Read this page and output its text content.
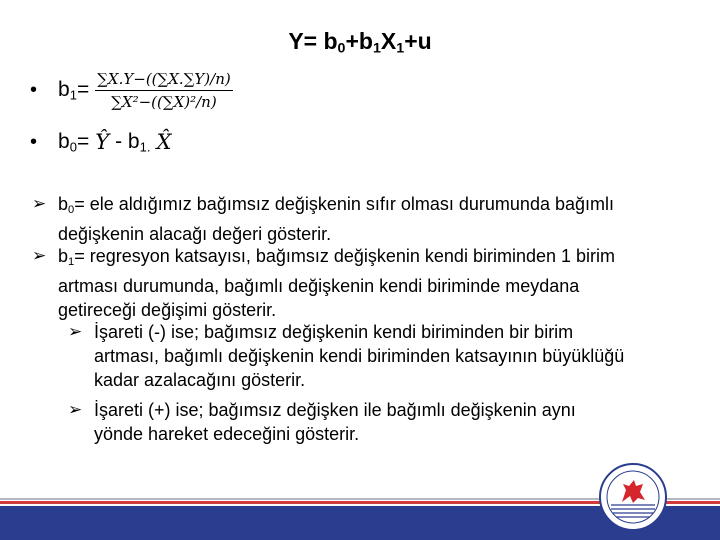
$Y= b_0+b_1X_1+u$
• $b_1= \frac{\sum X.Y-((\sum X.\sum Y)/n)}{\text{∑X²−((∑X)²/n)}}$
• $b_0=$ Ŷ - $b_{1.}$ X̂
➢ $b_0=$ ele aldığımız bağımsız değişkenin sıfır olması durumunda bağımlı
değişkenin alacağı değeri gösterir.
➢ $b_1=$ regresyon katsayısı, bağımsız değişkenin kendi biriminden 1 birim
artması durumunda, bağımlı değişkenin kendi biriminde meydana
getireceği değişimi gösterir.
➢ İşareti (-) ise; bağımsız değişkenin kendi biriminden bir birim
artması, bağımlı değişkenin kendi biriminden katsayının büyüklüğü
kadar azalacağını gösterir.
➢ İşareti (+) ise; bağımsız değişken ile bağımlı değişkenin aynı
yönde hareket edeceğini gösterir.
